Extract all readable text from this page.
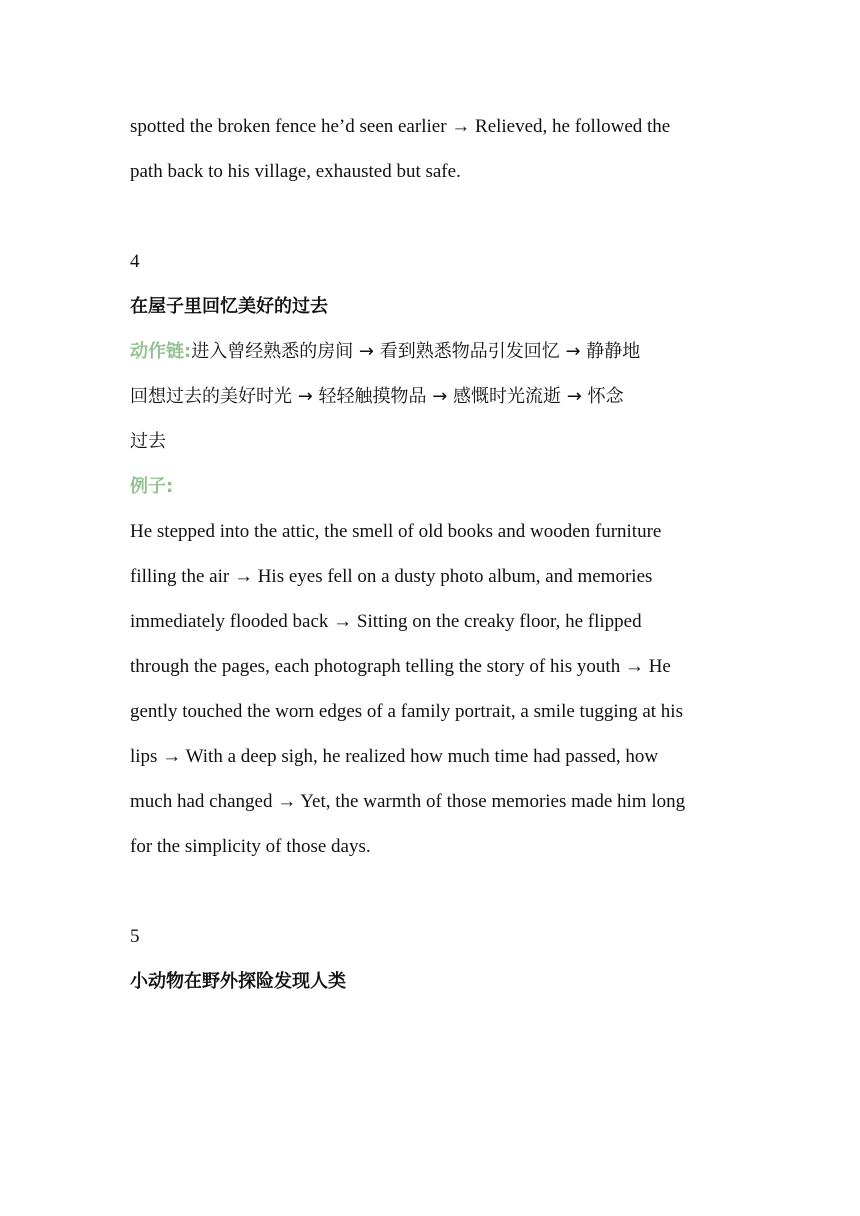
spotted the broken fence he’d seen earlier → Relieved, he followed the
path back to his village, exhausted but safe.
4
在屋子里回忆美好的过去
动作链:进入曾经熟悉的房间 → 看到熟悉物品引发回忆 → 静静地
回想过去的美好时光 → 轻轻触摸物品 → 感慨时光流逝 → 怀念
过去
例子:
He stepped into the attic, the smell of old books and wooden furniture
filling the air → His eyes fell on a dusty photo album, and memories
immediately flooded back → Sitting on the creaky floor, he flipped
through the pages, each photograph telling the story of his youth → He
gently touched the worn edges of a family portrait, a smile tugging at his
lips → With a deep sigh, he realized how much time had passed, how
much had changed → Yet, the warmth of those memories made him long
for the simplicity of those days.
5
小动物在野外探险发现人类
